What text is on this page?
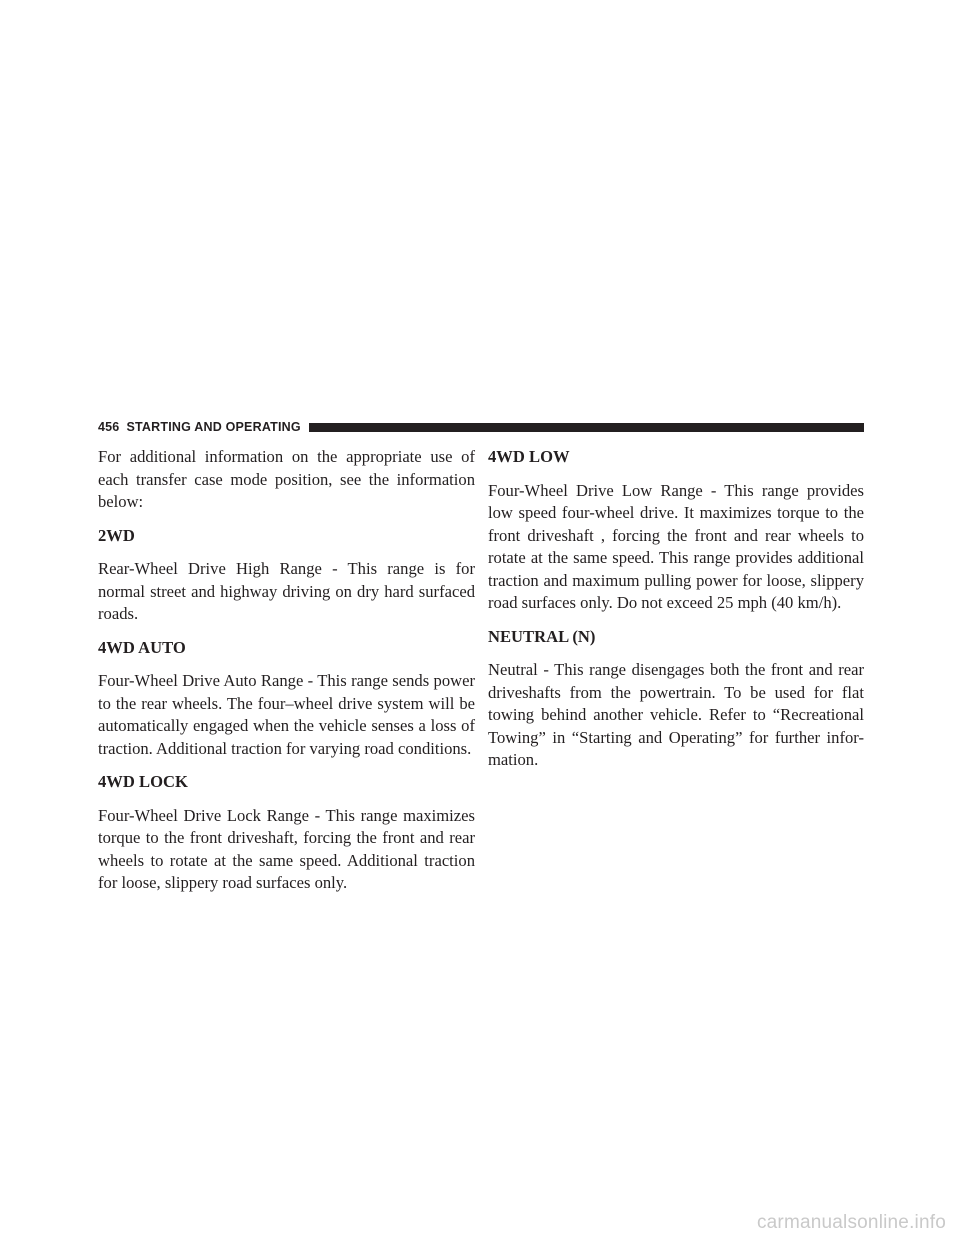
456 STARTING AND OPERATING

For additional information on the appropriate use of each transfer case mode position, see the information below:

2WD

Rear-Wheel Drive High Range - This range is for normal street and highway driving on dry hard surfaced roads.

4WD AUTO

Four-Wheel Drive Auto Range - This range sends power to the rear wheels. The four–wheel drive system will be automatically engaged when the vehicle senses a loss of traction. Additional traction for varying road conditions.

4WD LOCK

Four-Wheel Drive Lock Range - This range maximizes torque to the front driveshaft, forcing the front and rear wheels to rotate at the same speed. Additional traction for loose, slippery road surfaces only.

4WD LOW

Four-Wheel Drive Low Range - This range provides low speed four-wheel drive. It maximizes torque to the front driveshaft , forcing the front and rear wheels to rotate at the same speed. This range provides additional traction and maximum pulling power for loose, slippery road surfaces only. Do not exceed 25 mph (40 km/h).

NEUTRAL (N)

Neutral - This range disengages both the front and rear driveshafts from the powertrain. To be used for flat towing behind another vehicle. Refer to “Recreational Towing” in “Starting and Operating” for further infor-mation.

carmanualsonline.info
